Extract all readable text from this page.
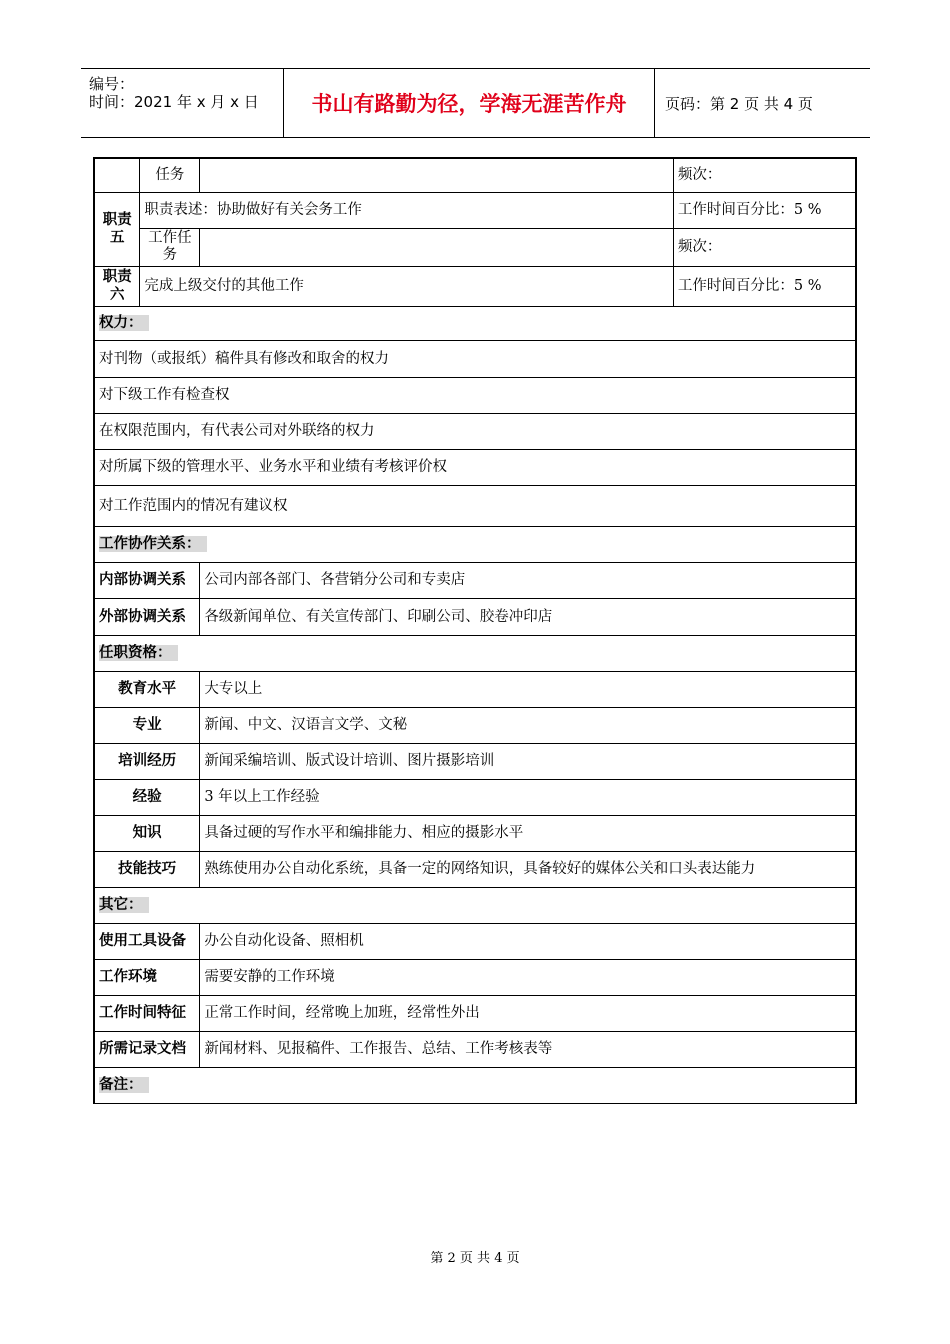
编号：
时间：2021 年 x 月 x 日	书山有路勤为径，学海无涯苦作舟	页码：第 2 页 共 4 页
	任务		频次：
职责五	职责表述：协助做好有关会务工作		工作时间百分比：5 %
	工作任务		频次：
职责六	完成上级交付的其他工作		工作时间百分比：5 %
权力：			
对刊物（或报纸）稿件具有修改和取舍的权力			
对下级工作有检查权			
在权限范围内，有代表公司对外联络的权力			
对所属下级的管理水平、业务水平和业绩有考核评价权			
对工作范围内的情况有建议权			
工作协作关系：			
内部协调关系		公司内部各部门、各营销分公司和专卖店	
外部协调关系		各级新闻单位、有关宣传部门、印刷公司、胶卷冲印店	
任职资格：			
教育水平		大专以上	
专业		新闻、中文、汉语言文学、文秘	
培训经历		新闻采编培训、版式设计培训、图片摄影培训	
经验		3 年以上工作经验	
知识		具备过硬的写作水平和编排能力、相应的摄影水平	
技能技巧		熟练使用办公自动化系统，具备一定的网络知识，具备较好的媒体公关和口头表达能力	
其它：			
使用工具设备		办公自动化设备、照相机	
工作环境		需要安静的工作环境	
工作时间特征		正常工作时间，经常晚上加班，经常性外出	
所需记录文档		新闻材料、见报稿件、工作报告、总结、工作考核表等	
备注：			
第 2 页 共 4 页
